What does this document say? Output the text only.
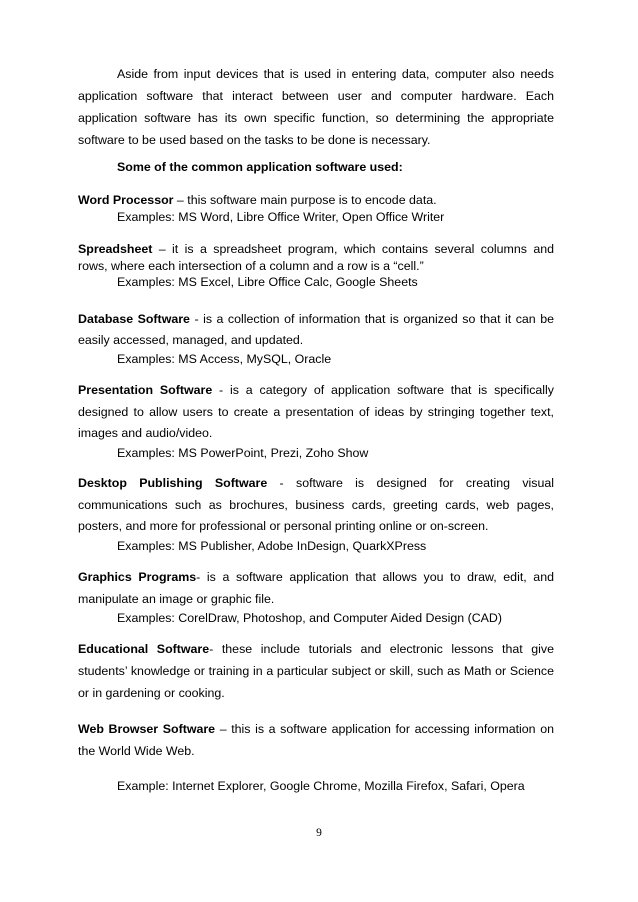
Aside from input devices that is used in entering data, computer also needs application software that interact between user and computer hardware. Each application software has its own specific function, so determining the appropriate software to be used based on the tasks to be done is necessary.

Some of the common application software used:

Word Processor – this software main purpose is to encode data.

Examples: MS Word, Libre Office Writer, Open Office Writer

Spreadsheet – it is a spreadsheet program, which contains several columns and rows, where each intersection of a column and a row is a “cell.”

Examples: MS Excel, Libre Office Calc, Google Sheets

Database Software - is a collection of information that is organized so that it can be easily accessed, managed, and updated.

Examples: MS Access, MySQL, Oracle

Presentation Software - is a category of application software that is specifically designed to allow users to create a presentation of ideas by stringing together text, images and audio/video.

Examples: MS PowerPoint, Prezi, Zoho Show

Desktop Publishing Software - software is designed for creating visual communications such as brochures, business cards, greeting cards, web pages, posters, and more for professional or personal printing online or on-screen.

Examples: MS Publisher, Adobe InDesign, QuarkXPress

Graphics Programs- is a software application that allows you to draw, edit, and manipulate an image or graphic file.

Examples: CorelDraw, Photoshop, and Computer Aided Design (CAD)

Educational Software- these include tutorials and electronic lessons that give students’ knowledge or training in a particular subject or skill, such as Math or Science or in gardening or cooking.

Web Browser Software – this is a software application for accessing information on the World Wide Web.

Example: Internet Explorer, Google Chrome, Mozilla Firefox, Safari, Opera

9
